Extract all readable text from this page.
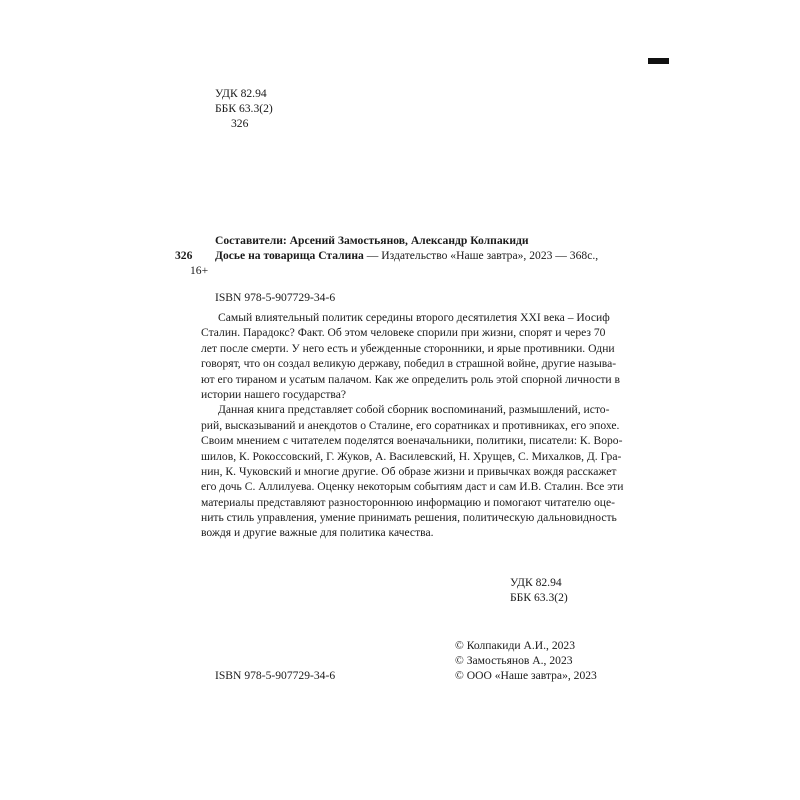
УДК 82.94
ББК 63.3(2)
326
Составители: Арсений Замостьянов, Александр Колпакиди
326 Досье на товарища Сталина — Издательство «Наше завтра», 2023 — 368с.,
16+
ISBN 978-5-907729-34-6
Самый влиятельный политик середины второго десятилетия XXI века – Иосиф
Сталин. Парадокс? Факт. Об этом человеке спорили при жизни, спорят и через 70
лет после смерти. У него есть и убежденные сторонники, и ярые противники. Одни
говорят, что он создал великую державу, победил в страшной войне, другие называ-
ют его тираном и усатым палачом. Как же определить роль этой спорной личности в
истории нашего государства?
Данная книга представляет собой сборник воспоминаний, размышлений, исто-
рий, высказываний и анекдотов о Сталине, его соратниках и противниках, его эпохе.
Своим мнением с читателем поделятся военачальники, политики, писатели: К. Воро-
шилов, К. Рокоссовский, Г. Жуков, А. Василевский, Н. Хрущев, С. Михалков, Д. Гра-
нин, К. Чуковский и многие другие. Об образе жизни и привычках вождя расскажет
его дочь С. Аллилуева. Оценку некоторым событиям даст и сам И.В. Сталин. Все эти
материалы представляют разностороннюю информацию и помогают читателю оце-
нить стиль управления, умение принимать решения, политическую дальновидность
вождя и другие важные для политика качества.
УДК 82.94
ББК 63.3(2)
© Колпакиди А.И., 2023
© Замостьянов А., 2023
© ООО «Наше завтра», 2023
ISBN 978-5-907729-34-6
